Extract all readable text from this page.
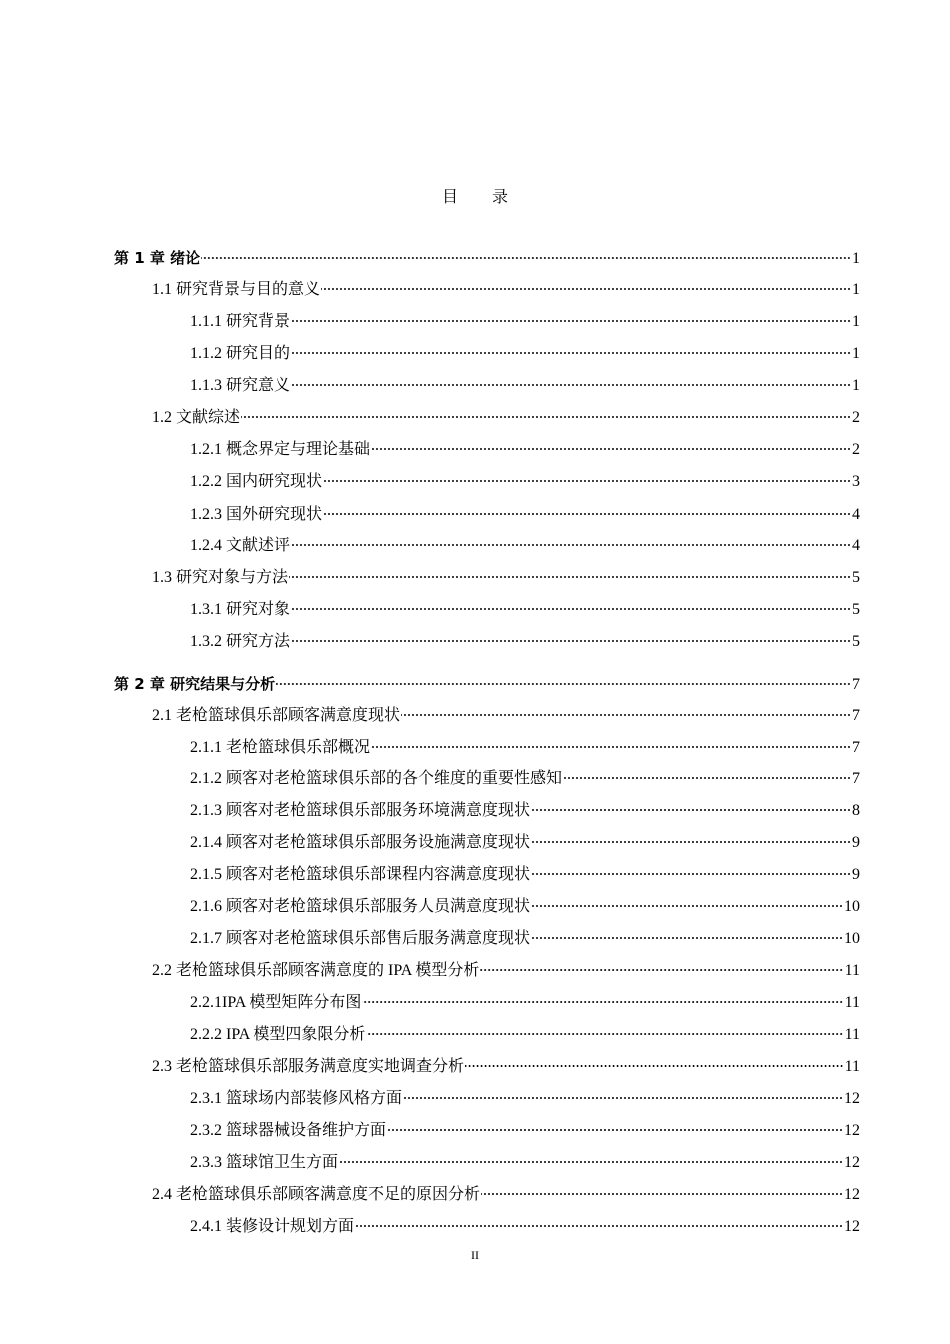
目 录
第 1 章 绪论	1
1.1 研究背景与目的意义	1
1.1.1 研究背景	1
1.1.2 研究目的	1
1.1.3 研究意义	1
1.2 文献综述	2
1.2.1 概念界定与理论基础	2
1.2.2 国内研究现状	3
1.2.3 国外研究现状	4
1.2.4 文献述评	4
1.3 研究对象与方法	5
1.3.1 研究对象	5
1.3.2 研究方法	5
第 2 章 研究结果与分析	7
2.1 老枪篮球俱乐部顾客满意度现状	7
2.1.1 老枪篮球俱乐部概况	7
2.1.2 顾客对老枪篮球俱乐部的各个维度的重要性感知	7
2.1.3 顾客对老枪篮球俱乐部服务环境满意度现状	8
2.1.4 顾客对老枪篮球俱乐部服务设施满意度现状	9
2.1.5 顾客对老枪篮球俱乐部课程内容满意度现状	9
2.1.6 顾客对老枪篮球俱乐部服务人员满意度现状	10
2.1.7 顾客对老枪篮球俱乐部售后服务满意度现状	10
2.2 老枪篮球俱乐部顾客满意度的 IPA 模型分析	11
2.2.1IPA 模型矩阵分布图	11
2.2.2 IPA 模型四象限分析	11
2.3 老枪篮球俱乐部服务满意度实地调查分析	11
2.3.1 篮球场内部装修风格方面	12
2.3.2 篮球器械设备维护方面	12
2.3.3 篮球馆卫生方面	12
2.4 老枪篮球俱乐部顾客满意度不足的原因分析	12
2.4.1 装修设计规划方面	12
II
